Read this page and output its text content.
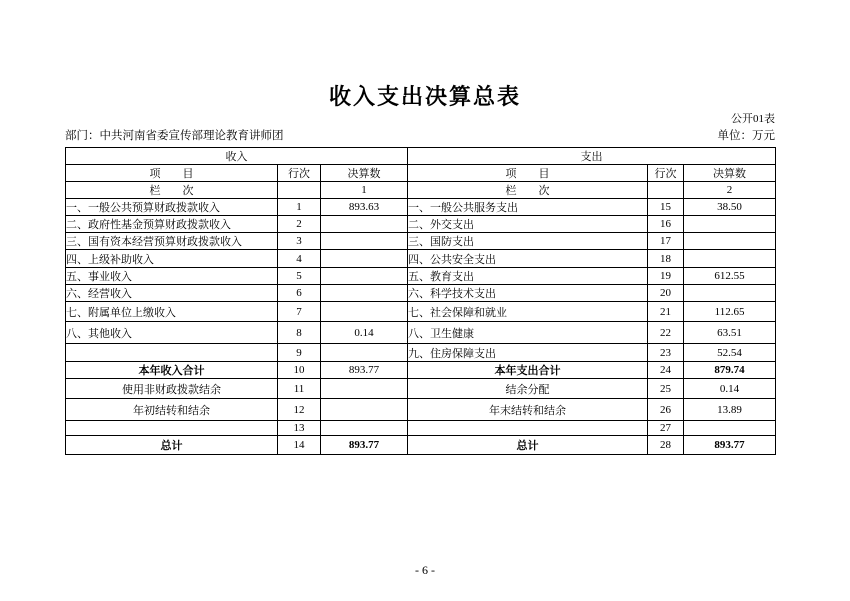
收入支出决算总表
公开01表
部门：中共河南省委宣传部理论教育讲师团	单位：万元
收入			支出		
项　　目	行次	决算数	项　　目	行次	决算数
栏　　次		1	栏　　次		2
一、一般公共预算财政拨款收入	1	893.63	一、一般公共服务支出	15	38.50
二、政府性基金预算财政拨款收入	2		二、外交支出	16	
三、国有资本经营预算财政拨款收入	3		三、国防支出	17	
四、上级补助收入	4		四、公共安全支出	18	
五、事业收入	5		五、教育支出	19	612.55
六、经营收入	6		六、科学技术支出	20	
七、附属单位上缴收入	7		七、社会保障和就业	21	112.65
八、其他收入	8	0.14	八、卫生健康	22	63.51
	9		九、住房保障支出	23	52.54
本年收入合计	10	893.77	本年支出合计	24	879.74
使用非财政拨款结余	11		结余分配	25	0.14
年初结转和结余	12		年末结转和结余	26	13.89
	13			27	
总计	14	893.77	总计	28	893.77
- 6 -
